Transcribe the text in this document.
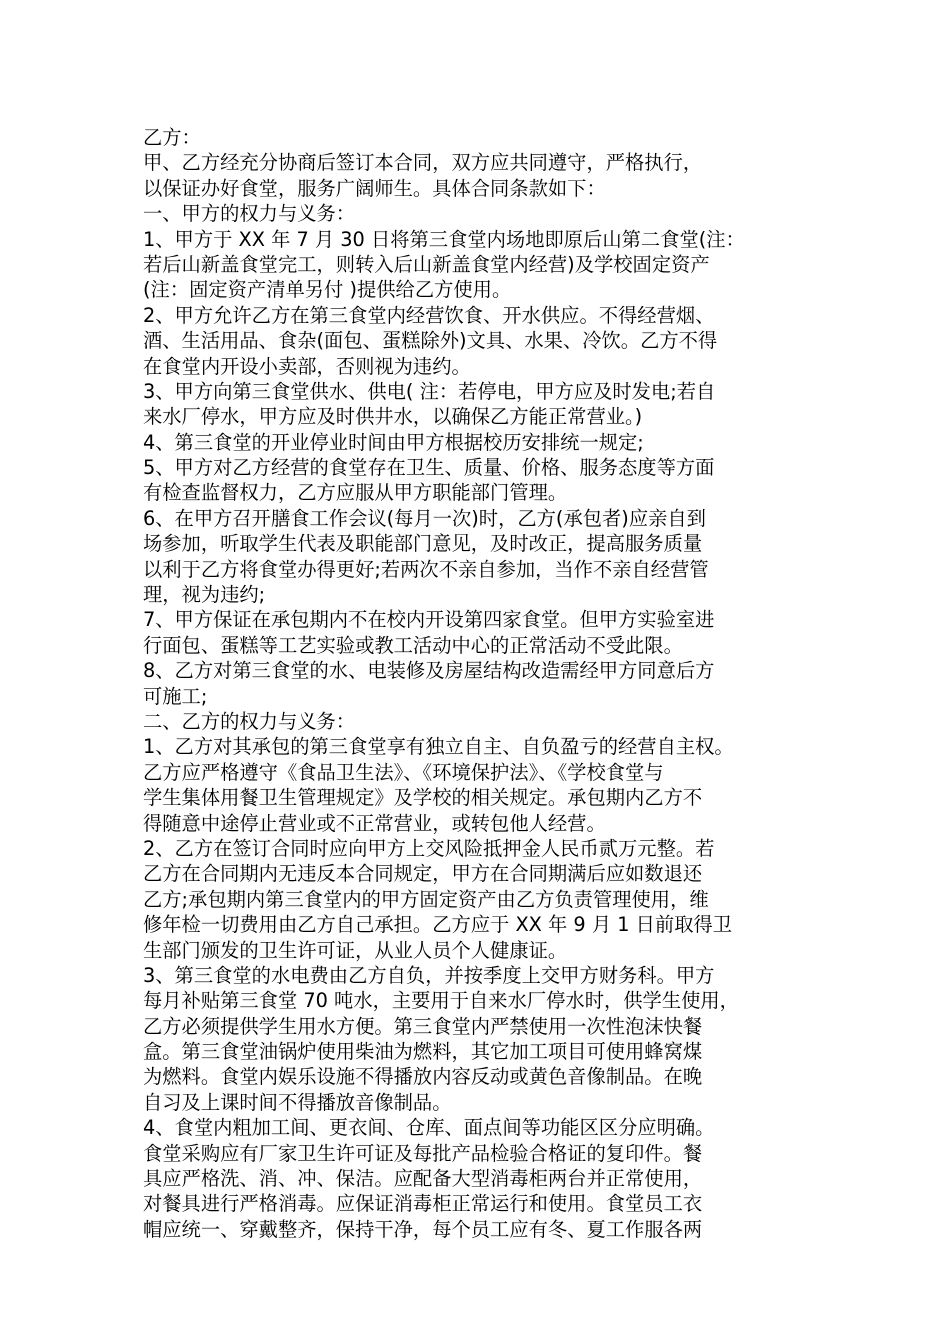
乙方：
甲、乙方经充分协商后签订本合同，双方应共同遵守，严格执行，
以保证办好食堂，服务广阔师生。具体合同条款如下：
一、甲方的权力与义务：
1、甲方于 XX 年 7 月 30 日将第三食堂内场地即原后山第二食堂(注：
若后山新盖食堂完工，则转入后山新盖食堂内经营)及学校固定资产
(注：固定资产清单另付 )提供给乙方使用。
2、甲方允许乙方在第三食堂内经营饮食、开水供应。不得经营烟、
酒、生活用品、食杂(面包、蛋糕除外)文具、水果、冷饮。乙方不得
在食堂内开设小卖部，否则视为违约。
3、甲方向第三食堂供水、供电( 注：若停电，甲方应及时发电;若自
来水厂停水，甲方应及时供井水，以确保乙方能正常营业。)
4、第三食堂的开业停业时间由甲方根据校历安排统一规定;
5、甲方对乙方经营的食堂存在卫生、质量、价格、服务态度等方面
有检查监督权力，乙方应服从甲方职能部门管理。
6、在甲方召开膳食工作会议(每月一次)时，乙方(承包者)应亲自到
场参加，听取学生代表及职能部门意见，及时改正，提高服务质量
以利于乙方将食堂办得更好;若两次不亲自参加，当作不亲自经营管
理，视为违约;
7、甲方保证在承包期内不在校内开设第四家食堂。但甲方实验室进
行面包、蛋糕等工艺实验或教工活动中心的正常活动不受此限。
8、乙方对第三食堂的水、电装修及房屋结构改造需经甲方同意后方
可施工;
二、乙方的权力与义务：
1、乙方对其承包的第三食堂享有独立自主、自负盈亏的经营自主权。
乙方应严格遵守《食品卫生法》、《环境保护法》、《学校食堂与
学生集体用餐卫生管理规定》及学校的相关规定。承包期内乙方不
得随意中途停止营业或不正常营业，或转包他人经营。
2、乙方在签订合同时应向甲方上交风险抵押金人民币贰万元整。若
乙方在合同期内无违反本合同规定，甲方在合同期满后应如数退还
乙方;承包期内第三食堂内的甲方固定资产由乙方负责管理使用，维
修年检一切费用由乙方自己承担。乙方应于 XX 年 9 月 1 日前取得卫
生部门颁发的卫生许可证，从业人员个人健康证。
3、第三食堂的水电费由乙方自负，并按季度上交甲方财务科。甲方
每月补贴第三食堂 70 吨水，主要用于自来水厂停水时，供学生使用，
乙方必须提供学生用水方便。第三食堂内严禁使用一次性泡沫快餐
盒。第三食堂油锅炉使用柴油为燃料，其它加工项目可使用蜂窝煤
为燃料。食堂内娱乐设施不得播放内容反动或黄色音像制品。在晚
自习及上课时间不得播放音像制品。
4、食堂内粗加工间、更衣间、仓库、面点间等功能区区分应明确。
食堂采购应有厂家卫生许可证及每批产品检验合格证的复印件。餐
具应严格洗、消、冲、保洁。应配备大型消毒柜两台并正常使用，
对餐具进行严格消毒。应保证消毒柜正常运行和使用。食堂员工衣
帽应统一、穿戴整齐，保持干净，每个员工应有冬、夏工作服各两
